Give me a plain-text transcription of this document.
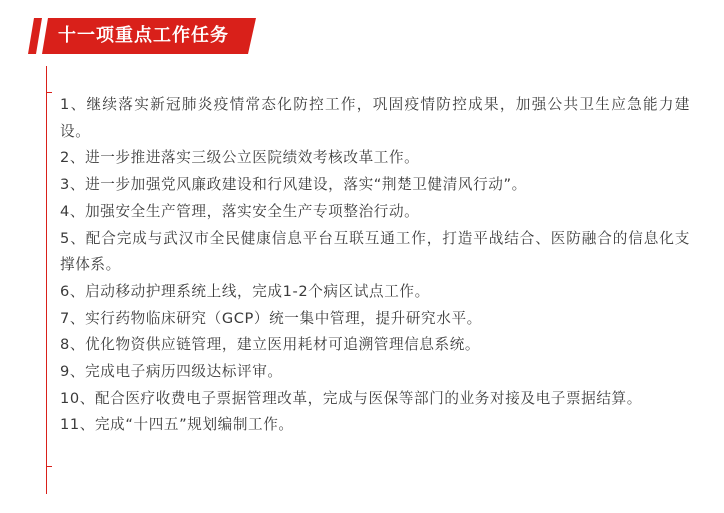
十一项重点工作任务
1、继续落实新冠肺炎疫情常态化防控工作，巩固疫情防控成果，加强公共卫生应急能力建设。
2、进一步推进落实三级公立医院绩效考核改革工作。
3、进一步加强党风廉政建设和行风建设，落实“荆楚卫健清风行动”。
4、加强安全生产管理，落实安全生产专项整治行动。
5、配合完成与武汉市全民健康信息平台互联互通工作，打造平战结合、医防融合的信息化支撑体系。
6、启动移动护理系统上线，完成1-2个病区试点工作。
7、实行药物临床研究（GCP）统一集中管理，提升研究水平。
8、优化物资供应链管理，建立医用耗材可追溯管理信息系统。
9、完成电子病历四级达标评审。
10、配合医疗收费电子票据管理改革，完成与医保等部门的业务对接及电子票据结算。
11、完成“十四五”规划编制工作。
